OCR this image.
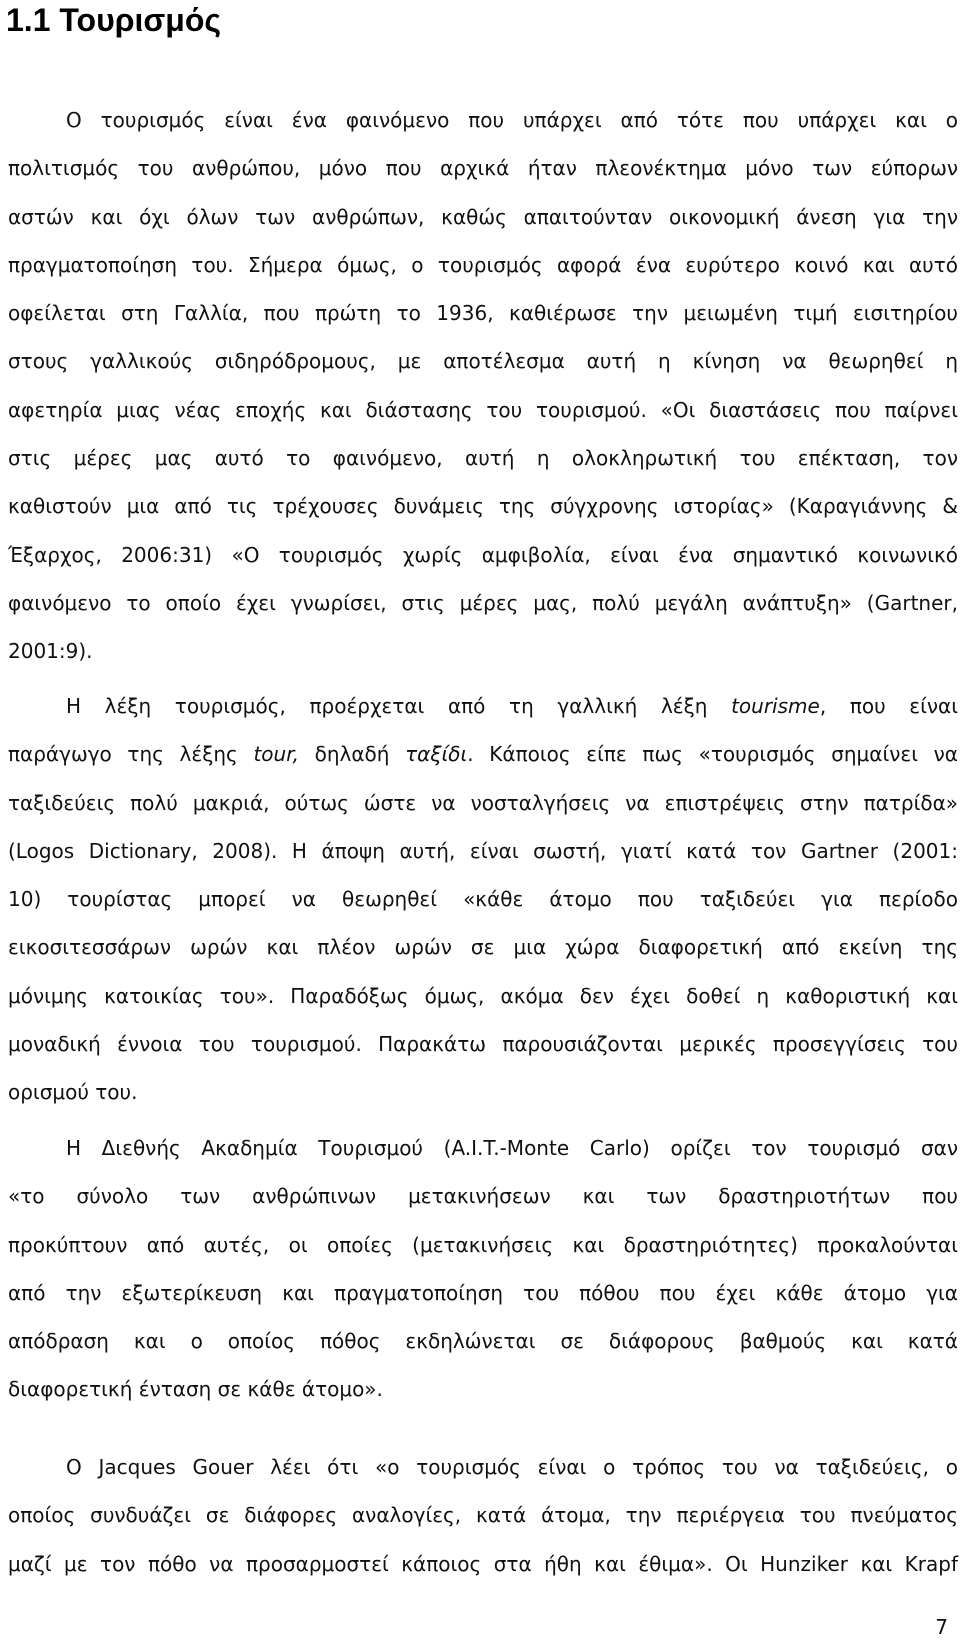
1.1 Τουρισμός
Ο τουρισμός είναι ένα φαινόμενο που υπάρχει από τότε που υπάρχει και ο
πολιτισμός του ανθρώπου, μόνο που αρχικά ήταν πλεονέκτημα μόνο των εύπορων
αστών και όχι όλων των ανθρώπων, καθώς απαιτούνταν οικονομική άνεση για την
πραγματοποίηση του. Σήμερα όμως, ο τουρισμός αφορά ένα ευρύτερο κοινό και αυτό
οφείλεται στη Γαλλία, που πρώτη το 1936, καθιέρωσε την μειωμένη τιμή εισιτηρίου
στους γαλλικούς σιδηρόδρομους, με αποτέλεσμα αυτή η κίνηση να θεωρηθεί η
αφετηρία μιας νέας εποχής και διάστασης του τουρισμού. «Οι διαστάσεις που παίρνει
στις μέρες μας αυτό το φαινόμενο, αυτή η ολοκληρωτική του επέκταση, τον
καθιστούν μια από τις τρέχουσες δυνάμεις της σύγχρονης ιστορίας» (Καραγιάννης &
Έξαρχος, 2006:31) «Ο τουρισμός χωρίς αμφιβολία, είναι ένα σημαντικό κοινωνικό
φαινόμενο το οποίο έχει γνωρίσει, στις μέρες μας, πολύ μεγάλη ανάπτυξη» (Gartner,
2001:9).
Η λέξη τουρισμός, προέρχεται από τη γαλλική λέξη tourisme, που είναι
παράγωγο της λέξης tour, δηλαδή ταξίδι. Κάποιος είπε πως «τουρισμός σημαίνει να
ταξιδεύεις πολύ μακριά, ούτως ώστε να νοσταλγήσεις να επιστρέψεις στην πατρίδα»
(Logos Dictionary, 2008). Η άποψη αυτή, είναι σωστή, γιατί κατά τον Gartner (2001:
10) τουρίστας μπορεί να θεωρηθεί «κάθε άτομο που ταξιδεύει για περίοδο
εικοσιτεσσάρων ωρών και πλέον ωρών σε μια χώρα διαφορετική από εκείνη της
μόνιμης κατοικίας του». Παραδόξως όμως, ακόμα δεν έχει δοθεί η καθοριστική και
μοναδική έννοια του τουρισμού. Παρακάτω παρουσιάζονται μερικές προσεγγίσεις του
ορισμού του.
Η Διεθνής Ακαδημία Τουρισμού (A.I.T.-Monte Carlo) ορίζει τον τουρισμό σαν
«το σύνολο των ανθρώπινων μετακινήσεων και των δραστηριοτήτων που
προκύπτουν από αυτές, οι οποίες (μετακινήσεις και δραστηριότητες) προκαλούνται
από την εξωτερίκευση και πραγματοποίηση του πόθου που έχει κάθε άτομο για
απόδραση και ο οποίος πόθος εκδηλώνεται σε διάφορους βαθμούς και κατά
διαφορετική ένταση σε κάθε άτομο».
Ο Jacques Gouer λέει ότι «ο τουρισμός είναι ο τρόπος του να ταξιδεύεις, ο
οποίος συνδυάζει σε διάφορες αναλογίες, κατά άτομα, την περιέργεια του πνεύματος
μαζί με τον πόθο να προσαρμοστεί κάποιος στα ήθη και έθιμα». Οι Hunziker και Krapf
7
